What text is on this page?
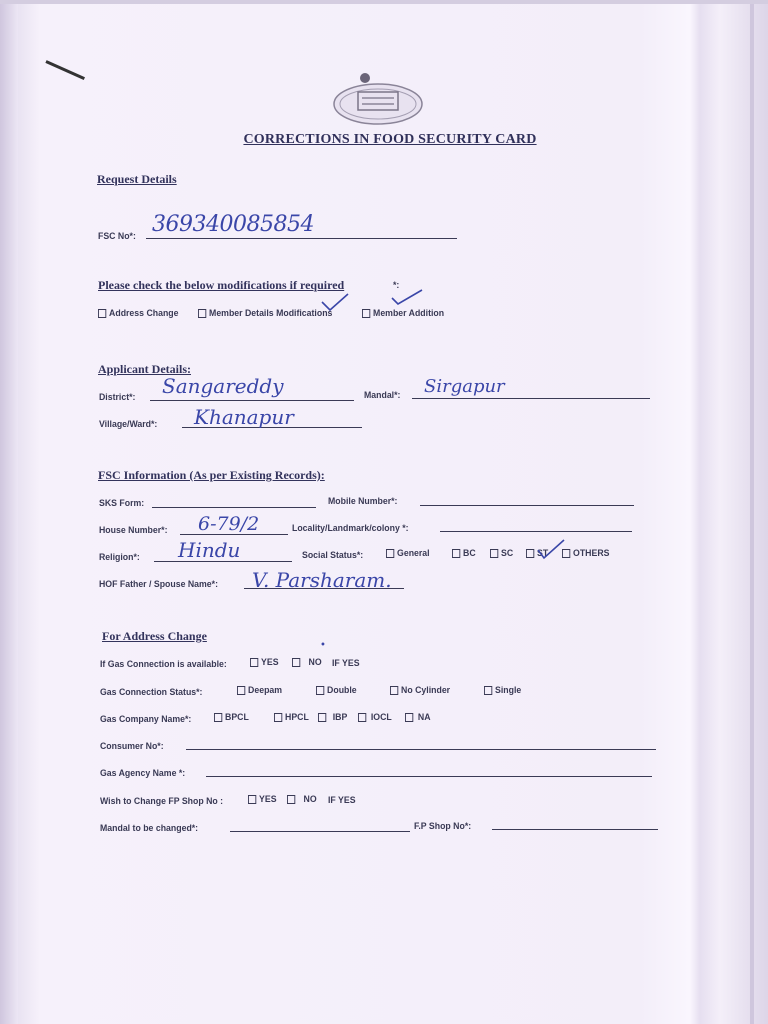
CORRECTIONS IN FOOD SECURITY CARD
Request Details
FSC No*: 369340085854
Please check the below modifications if required	*:
Address Change	Member Details Modifications	Member Addition
Applicant Details:
District*: Sangareddy	Mandal*: Sirgapur
Village/Ward*: Khanapur
FSC Information (As per Existing Records):
SKS Form:	Mobile Number*:
House Number*: 6-79/2	Locality/Landmark/colony *:
Religion*: Hindu	Social Status*:	General	BC	SC	ST	OTHERS
HOF Father / Spouse Name*: V. Parsharam.
For Address Change
•
If Gas Connection is available:	YES	NO IF YES
Gas Connection Status*:	Deepam	Double	No Cylinder	Single
Gas Company Name*:	BPCL	HPCL	IBP IOCL	NA
Consumer No*:
Gas Agency Name *:
Wish to Change FP Shop No :	YES	NO IF YES
Mandal to be changed*:	F.P Shop No*:
